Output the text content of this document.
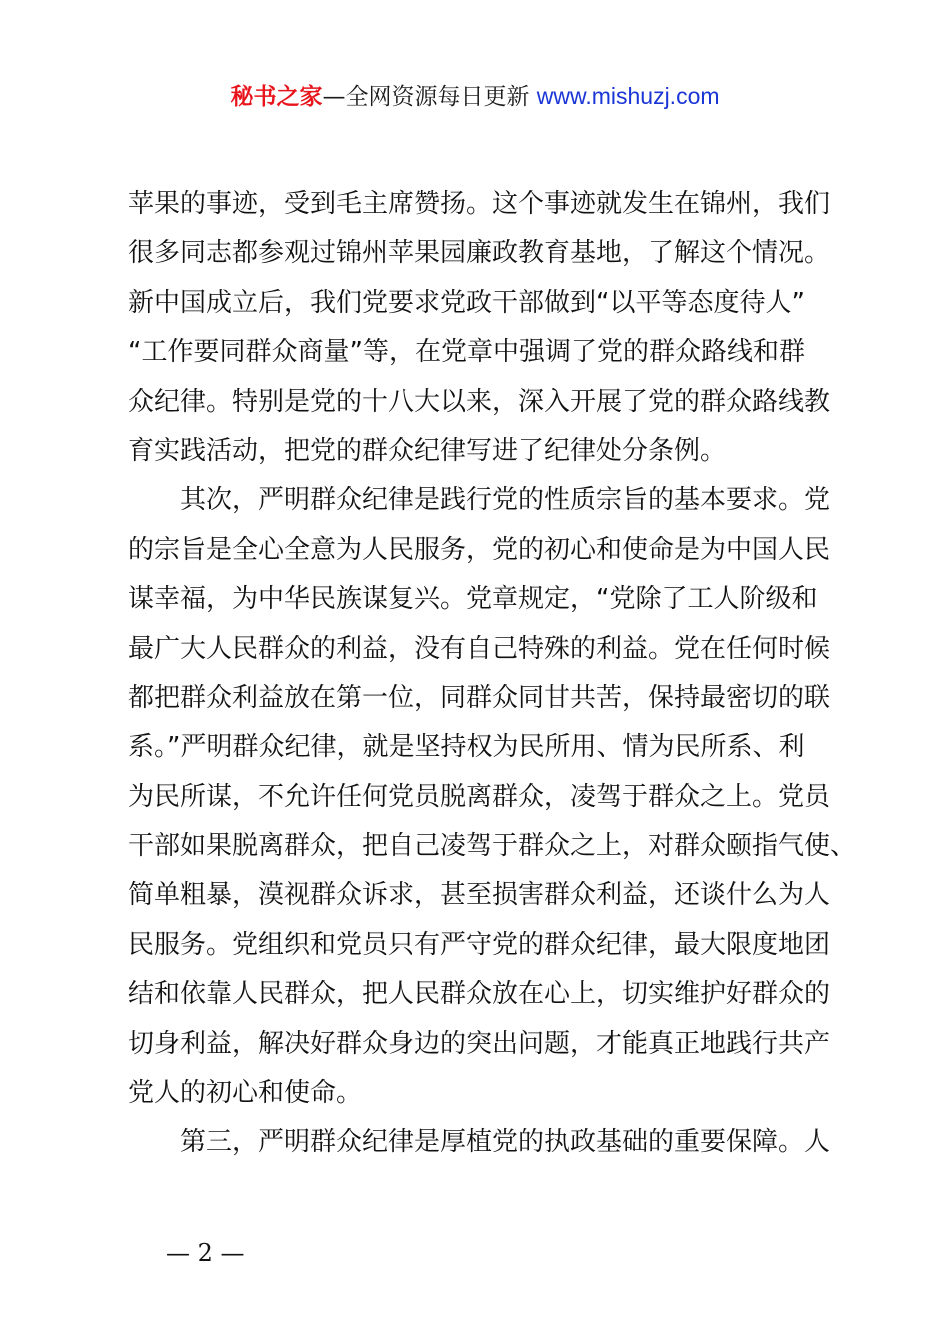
秘书之家—全网资源每日更新 www.mishuzj.com
苹果的事迹，受到毛主席赞扬。这个事迹就发生在锦州，我们
很多同志都参观过锦州苹果园廉政教育基地，了解这个情况。
新中国成立后，我们党要求党政干部做到“以平等态度待人”
“工作要同群众商量”等，在党章中强调了党的群众路线和群
众纪律。特别是党的十八大以来，深入开展了党的群众路线教
育实践活动，把党的群众纪律写进了纪律处分条例。
其次，严明群众纪律是践行党的性质宗旨的基本要求。党
的宗旨是全心全意为人民服务，党的初心和使命是为中国人民
谋幸福，为中华民族谋复兴。党章规定，“党除了工人阶级和
最广大人民群众的利益，没有自己特殊的利益。党在任何时候
都把群众利益放在第一位，同群众同甘共苦，保持最密切的联
系。”严明群众纪律，就是坚持权为民所用、情为民所系、利
为民所谋，不允许任何党员脱离群众，凌驾于群众之上。党员
干部如果脱离群众，把自己凌驾于群众之上，对群众颐指气使、
简单粗暴，漠视群众诉求，甚至损害群众利益，还谈什么为人
民服务。党组织和党员只有严守党的群众纪律，最大限度地团
结和依靠人民群众，把人民群众放在心上，切实维护好群众的
切身利益，解决好群众身边的突出问题，才能真正地践行共产
党人的初心和使命。
第三，严明群众纪律是厚植党的执政基础的重要保障。人
— 2 —
